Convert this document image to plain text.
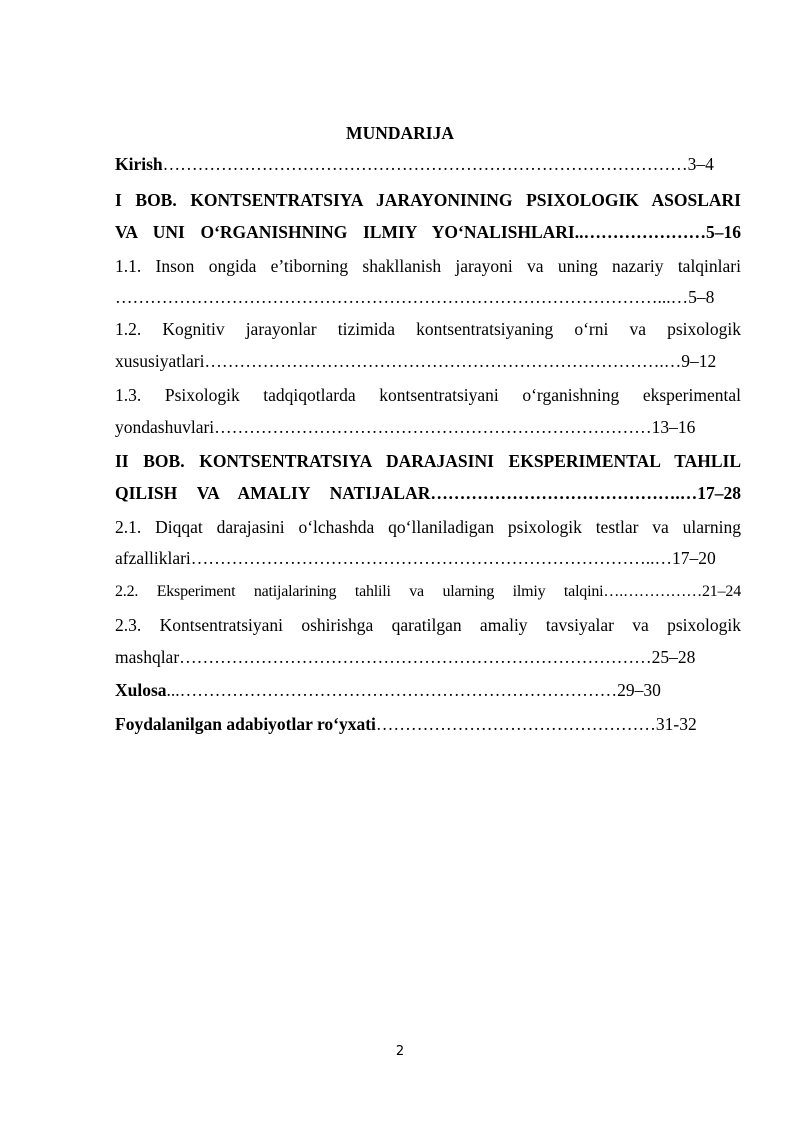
MUNDARIJA
Kirish………………………………………………………………………………3–4
I BOB. KONTSENTRATSIYA JARAYONINING PSIXOLOGIK ASOSLARI
VA UNI O‘RGANISHNING ILMIY YO‘NALISHLARI..…………………5–16
1.1. Inson ongida e’tiborning shakllanish jarayoni va uning nazariy talqinlari
…………………………………………………………………………………...…5–8
1.2. Kognitiv jarayonlar tizimida kontsentratsiyaning o‘rni va psixologik
xususiyatlari…………………………………………………………………….…9–12
1.3. Psixologik tadqiqotlarda kontsentratsiyani o‘rganishning eksperimental
yondashuvlari…………………………………………………………………13–16
II BOB. KONTSENTRATSIYA DARAJASINI EKSPERIMENTAL TAHLIL
QILISH VA AMALIY NATIJALAR…………………………………….…17–28
2.1. Diqqat darajasini o‘lchashda qo‘llaniladigan psixologik testlar va ularning
afzalliklari……………………………………………………………………..…17–20
2.2. Eksperiment natijalarining tahlili va ularning ilmiy talqini….……………21–24
2.3. Kontsentratsiyani oshirishga qaratilgan amaliy tavsiyalar va psixologik
mashqlar………………………………………………………………………25–28
Xulosa...…………………………………………………………………29–30
Foydalanilgan adabiyotlar ro‘yxati…………………………………………31-32
2
